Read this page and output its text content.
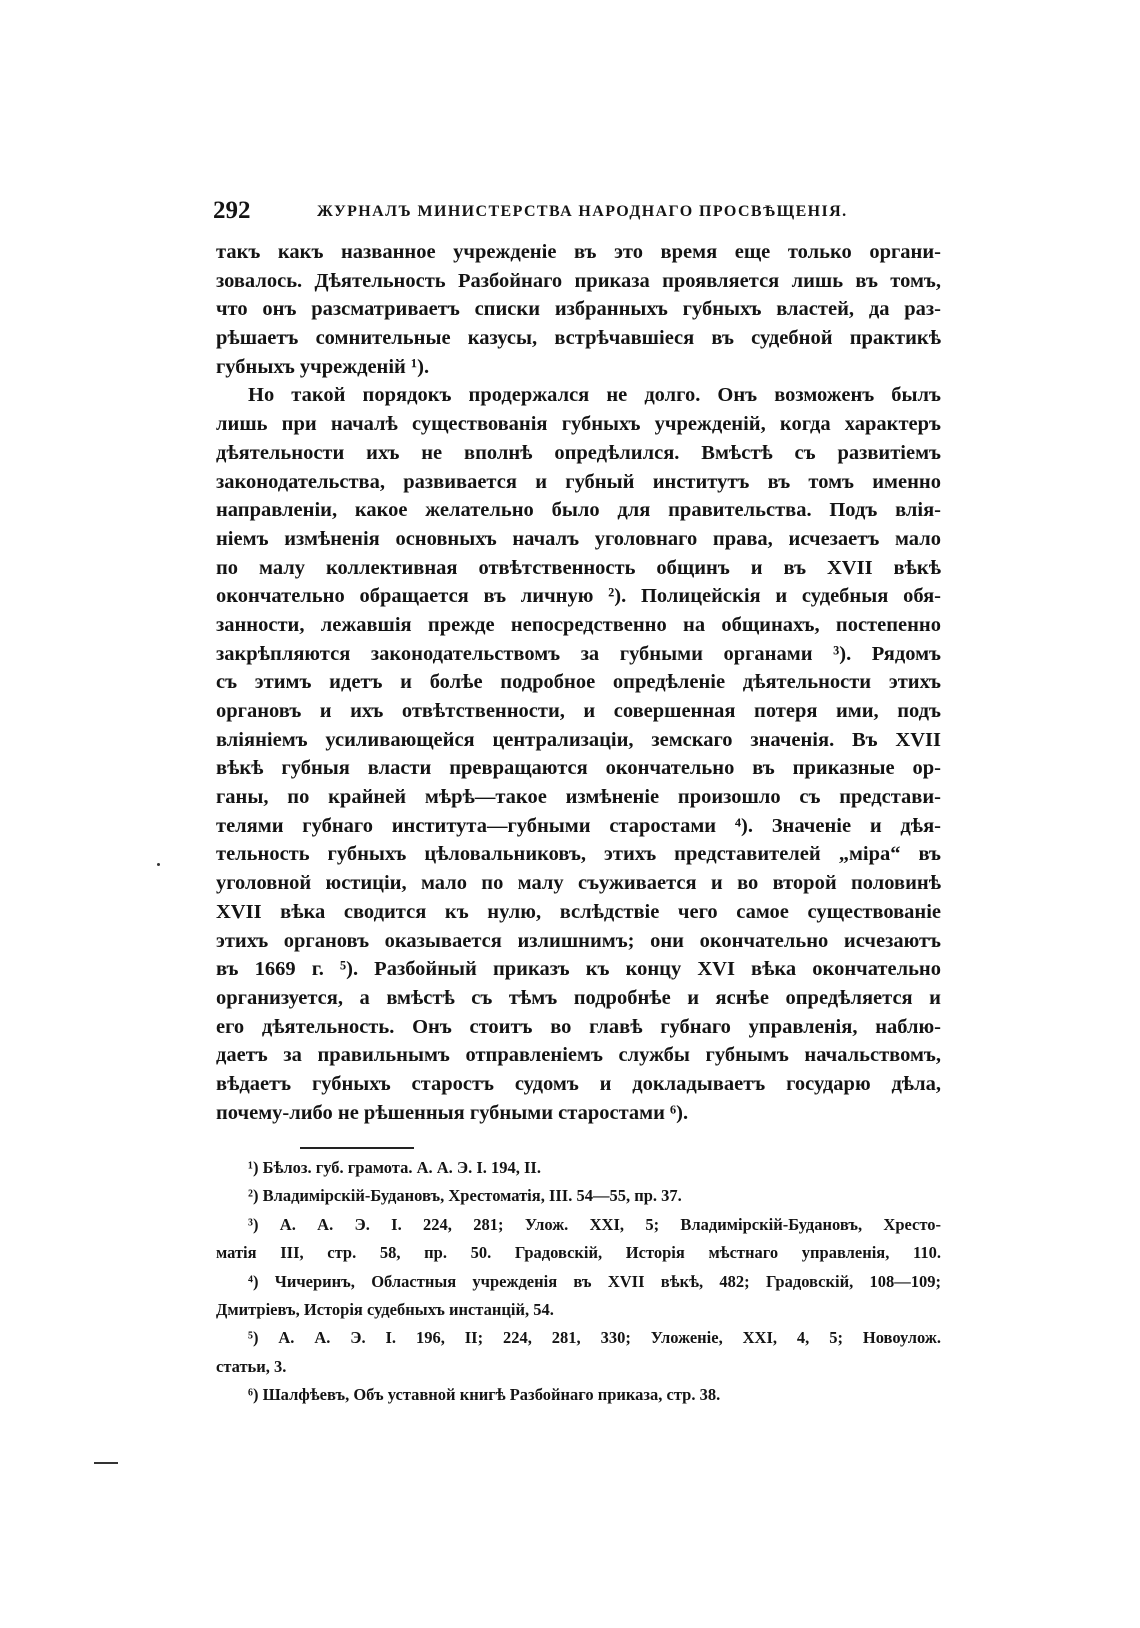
292	ЖУРНАЛЪ МИНИСТЕРСТВА НАРОДНАГО ПРОСВѢЩЕНІЯ.
такъ какъ названное учрежденіе въ это время еще только органи-
зовалось. Дѣятельность Разбойнаго приказа проявляется лишь въ томъ,
что онъ разсматриваетъ списки избранныхъ губныхъ властей, да раз-
рѣшаетъ сомнительные казусы, встрѣчавшіеся въ судебной практикѣ
губныхъ учрежденій ¹).
Но такой порядокъ продержался не долго. Онъ возможенъ былъ
лишь при началѣ существованія губныхъ учрежденій, когда характеръ
дѣятельности ихъ не вполнѣ опредѣлился. Вмѣстѣ съ развитіемъ
законодательства, развивается и губный институтъ въ томъ именно
направленіи, какое желательно было для правительства. Подъ влія-
ніемъ измѣненія основныхъ началъ уголовнаго права, исчезаетъ мало
по малу коллективная отвѣтственность общинъ и въ XVII вѣкѣ
окончательно обращается въ личную ²). Полицейскія и судебныя обя-
занности, лежавшія прежде непосредственно на общинахъ, постепенно
закрѣпляются законодательствомъ за губными органами ³). Рядомъ
съ этимъ идетъ и болѣе подробное опредѣленіе дѣятельности этихъ
органовъ и ихъ отвѣтственности, и совершенная потеря ими, подъ
вліяніемъ усиливающейся централизаціи, земскаго значенія. Въ XVII
вѣкѣ губныя власти превращаются окончательно въ приказные ор-
ганы, по крайней мѣрѣ—такое измѣненіе произошло съ представи-
телями губнаго института—губными старостами ⁴). Значеніе и дѣя-
тельность губныхъ цѣловальниковъ, этихъ представителей „міра“ въ
уголовной юстиціи, мало по малу съуживается и во второй половинѣ
XVII вѣка сводится къ нулю, вслѣдствіе чего самое существованіе
этихъ органовъ оказывается излишнимъ; они окончательно исчезаютъ
въ 1669 г. ⁵). Разбойный приказъ къ концу XVI вѣка окончательно
организуется, а вмѣстѣ съ тѣмъ подробнѣе и яснѣе опредѣляется и
его дѣятельность. Онъ стоитъ во главѣ губнаго управленія, наблю-
даетъ за правильнымъ отправленіемъ службы губнымъ начальствомъ,
вѣдаетъ губныхъ старостъ судомъ и докладываетъ государю дѣла,
почему-либо не рѣшенныя губными старостами ⁶).
¹) Бѣлоз. губ. грамота. А. А. Э. I. 194, II.
²) Владимірскій-Будановъ, Хрестоматія, III. 54—55, пр. 37.
³) А. А. Э. I. 224, 281; Улож. XXI, 5; Владимірскій-Будановъ, Хресто-
матія III, стр. 58, пр. 50. Градовскій, Исторія мѣстнаго управленія, 110.
⁴) Чичеринъ, Областныя учрежденія въ XVII вѣкѣ, 482; Градовскій, 108—109;
Дмитріевъ, Исторія судебныхъ инстанцій, 54.
⁵) А. А. Э. I. 196, II; 224, 281, 330; Уложеніе, XXI, 4, 5; Новоулож.
статьи, 3.
⁶) Шалфѣевъ, Объ уставной книгѣ Разбойнаго приказа, стр. 38.
